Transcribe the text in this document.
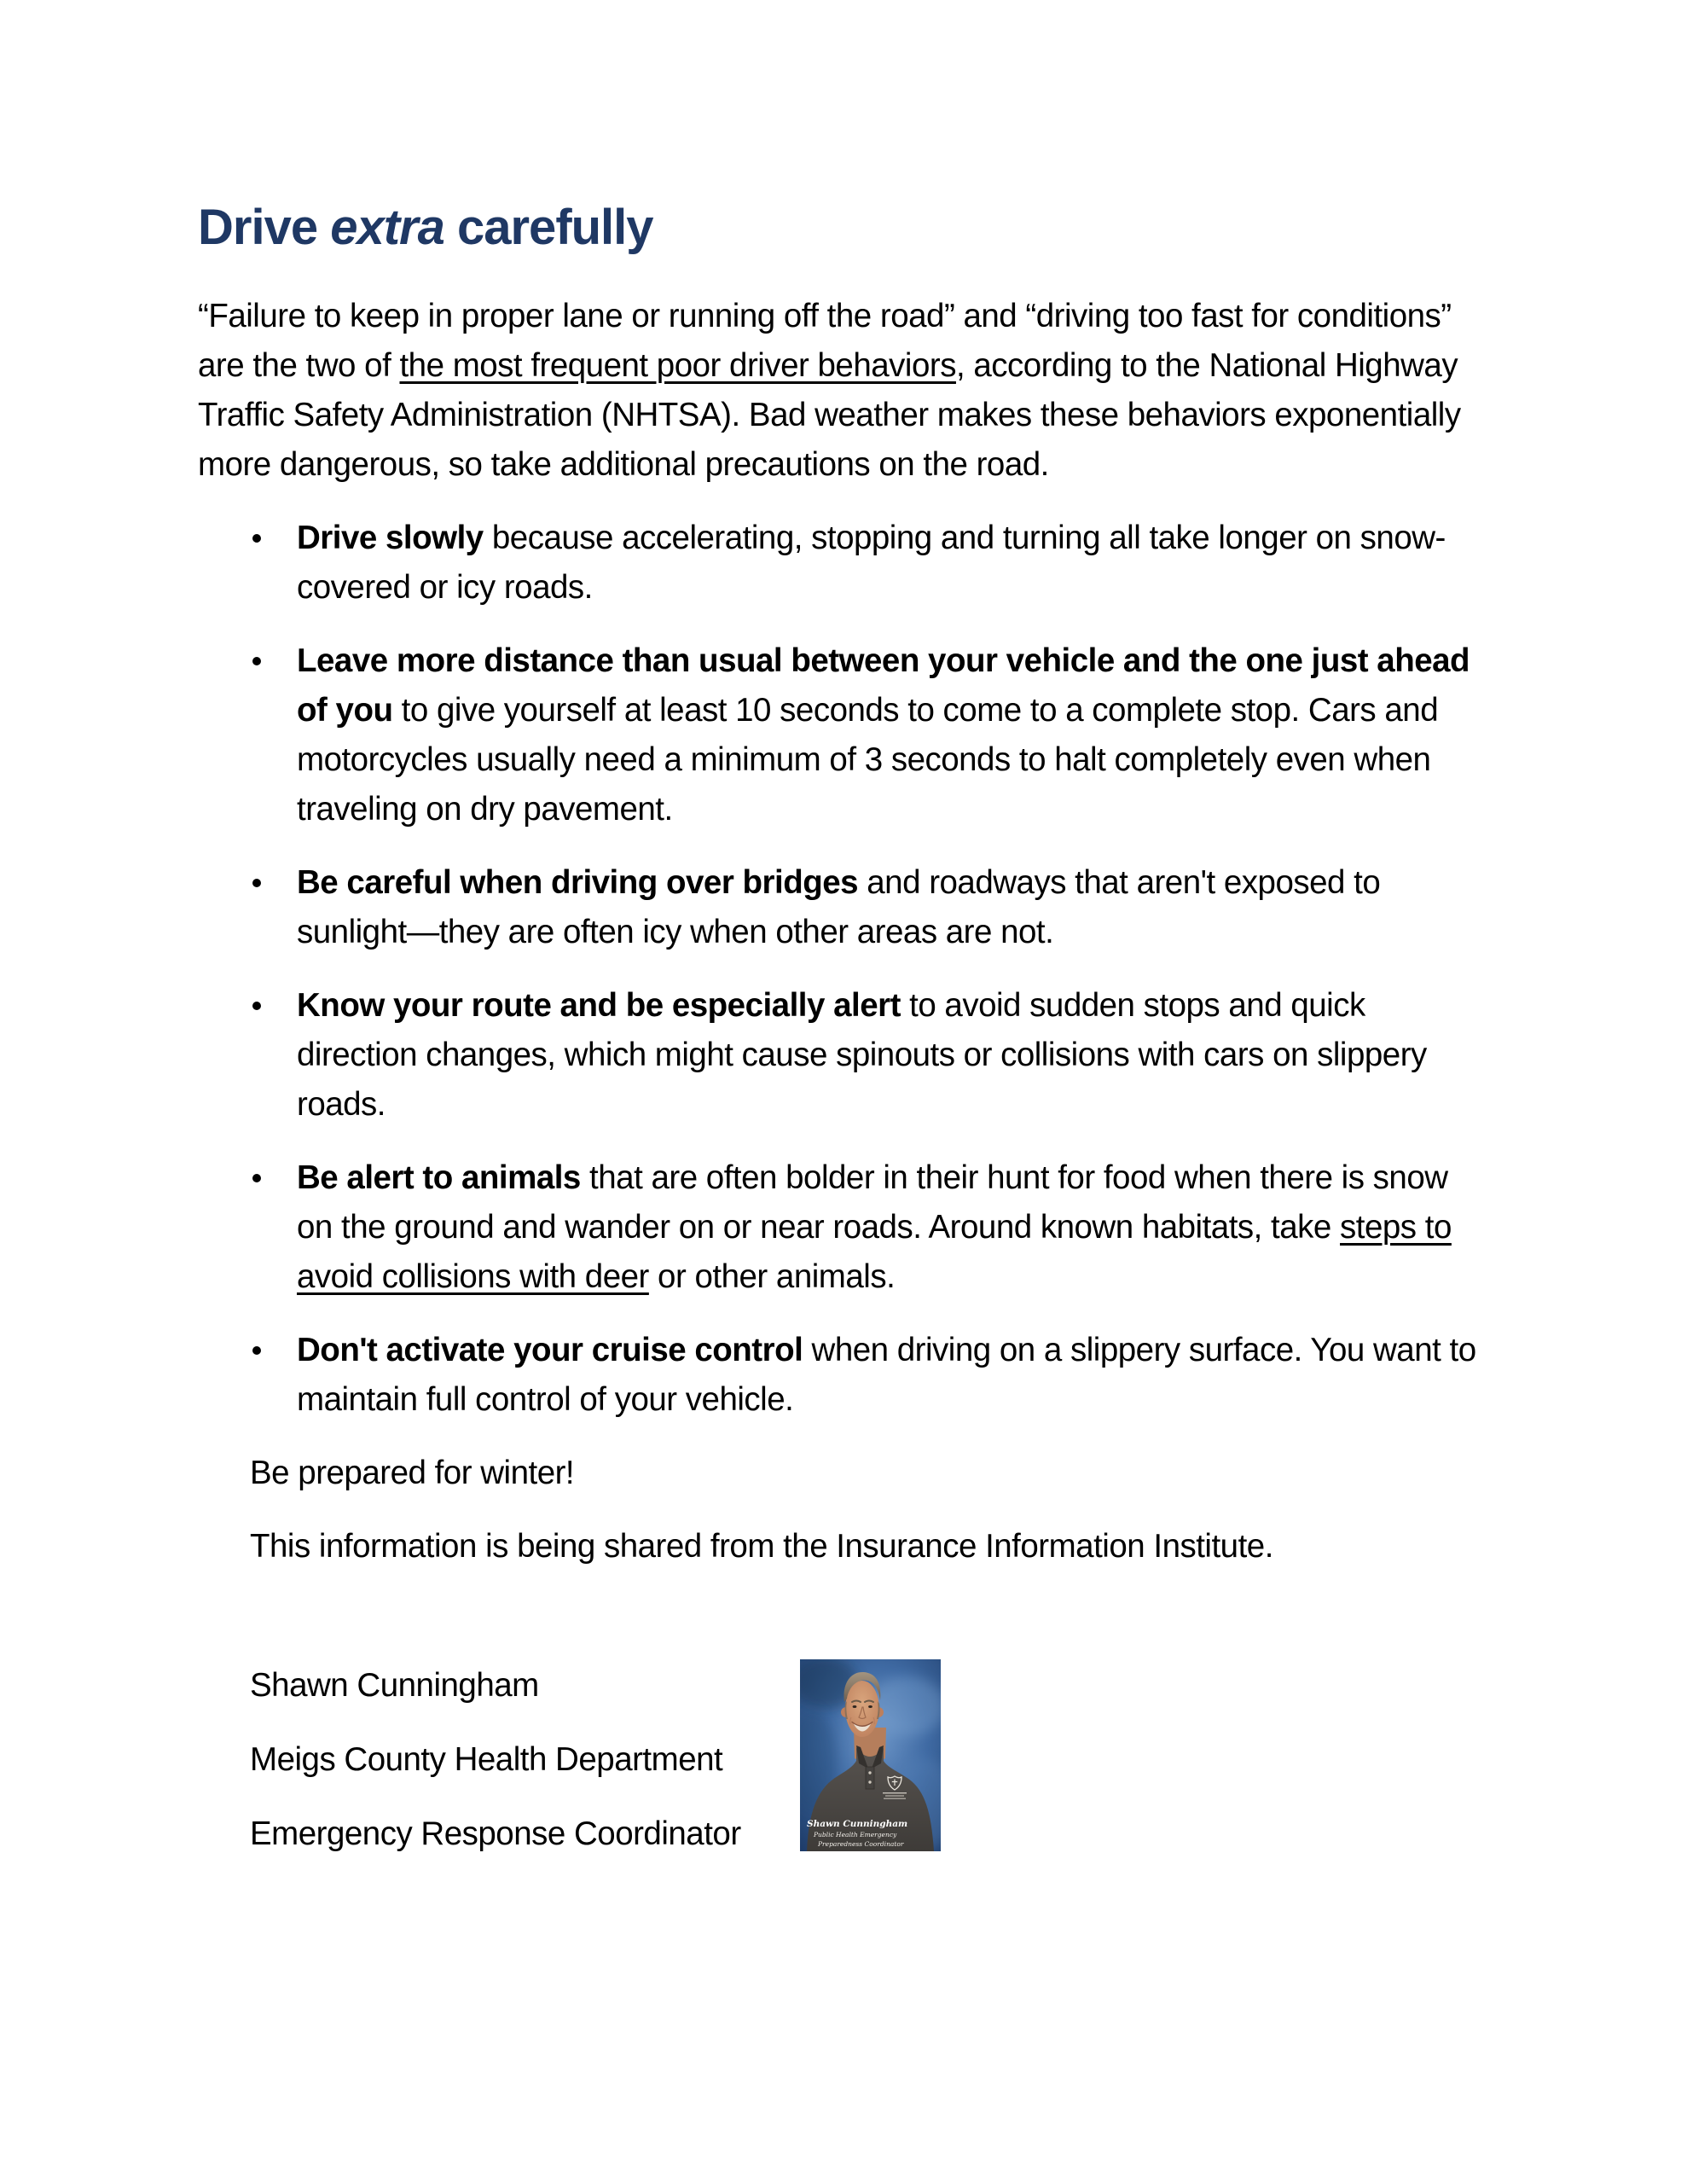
Drive extra carefully

“Failure to keep in proper lane or running off the road” and “driving too fast for conditions” are the two of the most frequent poor driver behaviors, according to the National Highway Traffic Safety Administration (NHTSA). Bad weather makes these behaviors exponentially more dangerous, so take additional precautions on the road.

Drive slowly because accelerating, stopping and turning all take longer on snow-covered or icy roads.
Leave more distance than usual between your vehicle and the one just ahead of you to give yourself at least 10 seconds to come to a complete stop. Cars and motorcycles usually need a minimum of 3 seconds to halt completely even when traveling on dry pavement.
Be careful when driving over bridges and roadways that aren't exposed to sunlight—they are often icy when other areas are not.
Know your route and be especially alert to avoid sudden stops and quick direction changes, which might cause spinouts or collisions with cars on slippery roads.
Be alert to animals that are often bolder in their hunt for food when there is snow on the ground and wander on or near roads. Around known habitats, take steps to avoid collisions with deer or other animals.
Don't activate your cruise control when driving on a slippery surface. You want to maintain full control of your vehicle.

Be prepared for winter!

This information is being shared from the Insurance Information Institute.

Shawn Cunningham

Meigs County Health Department

Emergency Response Coordinator	Shawn Cunningham
Public Health Emergency
Preparedness Coordinator
